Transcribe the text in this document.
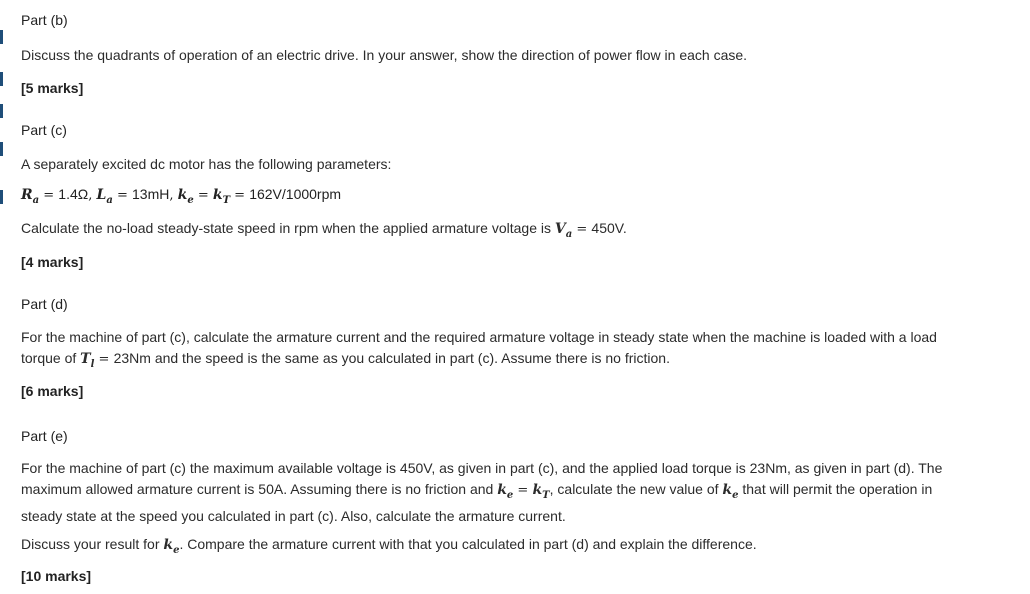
Part (b)

Discuss the quadrants of operation of an electric drive. In your answer, show the direction of power flow in each case.

[5 marks]
Part (c)

A separately excited dc motor has the following parameters:

$R_a = 1.4\Omega$, $L_a = 13mH$, $k_e = k_T = 162V/1000rpm$

Calculate the no-load steady-state speed in rpm when the applied armature voltage is $V_a = 450V$.

[4 marks]
Part (d)

For the machine of part (c), calculate the armature current and the required armature voltage in steady state when the machine is loaded with a load
torque of $T_l = 23Nm$ and the speed is the same as you calculated in part (c). Assume there is no friction.

[6 marks]
Part (e)

For the machine of part (c) the maximum available voltage is 450V, as given in part (c), and the applied load torque is 23Nm, as given in part (d). The
maximum allowed armature current is 50A. Assuming there is no friction and $k_e = k_T$, calculate the new value of $k_e$ that will permit the operation in
steady state at the speed you calculated in part (c). Also, calculate the armature current.

Discuss your result for $k_e$. Compare the armature current with that you calculated in part (d) and explain the difference.

[10 marks]
